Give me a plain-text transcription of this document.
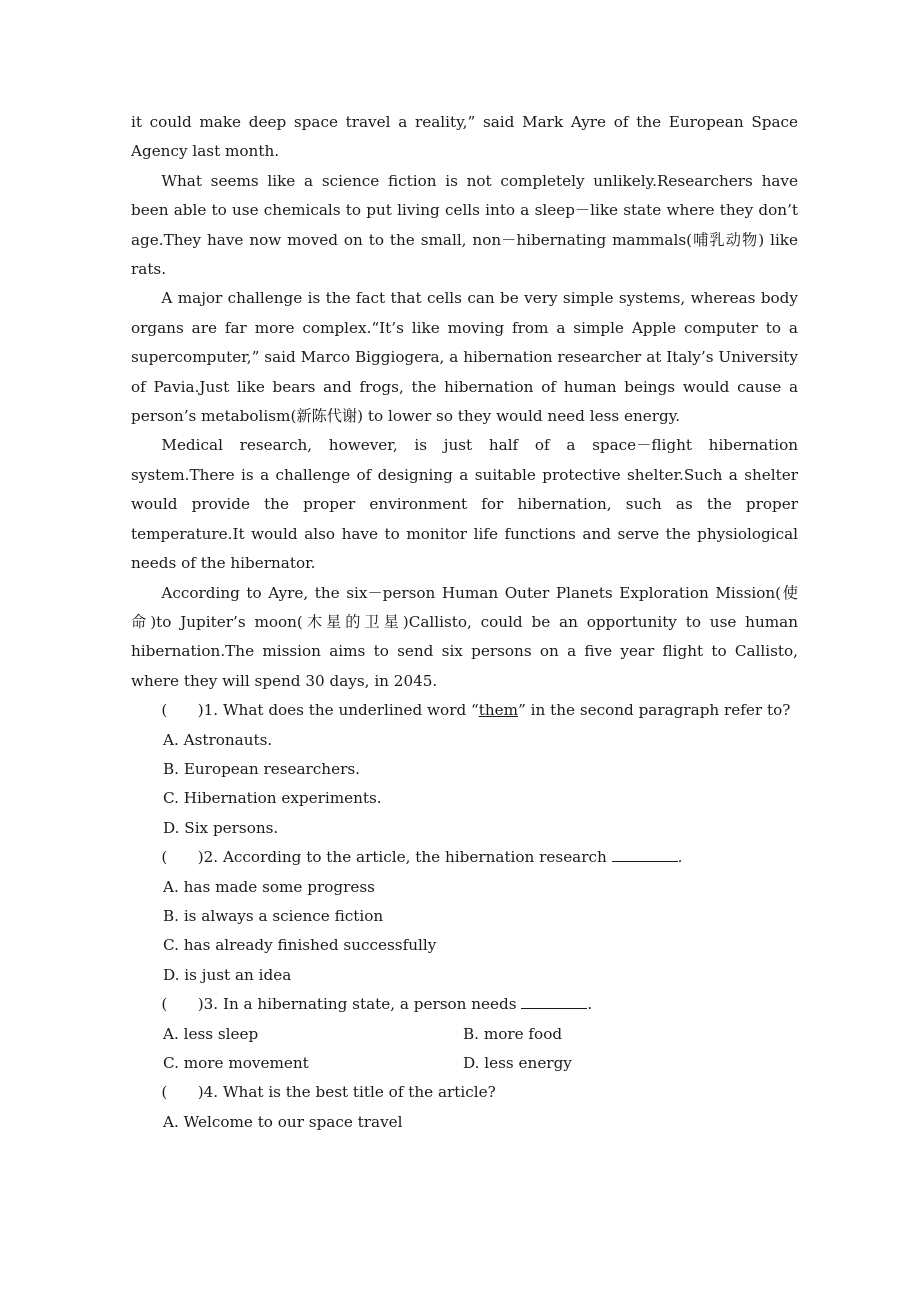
it could make deep space travel a reality,” said Mark Ayre of the European Space Agency last month.

What seems like a science fiction is not completely unlikely.Researchers have been able to use chemicals to put living cells into a sleep－like state where they don’t age.They have now moved on to the small, non－hibernating mammals(哺乳动物) like rats.

A major challenge is the fact that cells can be very simple systems, whereas body organs are far more complex.“It’s like moving from a simple Apple computer to a supercomputer,” said Marco Biggiogera, a hibernation researcher at Italy’s University of Pavia.Just like bears and frogs, the hibernation of human beings would cause a person’s metabolism(新陈代谢) to lower so they would need less energy.

Medical research, however, is just half of a space－flight hibernation system.There is a challenge of designing a suitable protective shelter.Such a shelter would provide the proper environment for hibernation, such as the proper temperature.It would also have to monitor life functions and serve the physiological needs of the hibernator.

According to Ayre, the six－person Human Outer Planets Exploration Mission(使命)to Jupiter’s moon(木星的卫星)Callisto, could be an opportunity to use human hibernation.The mission aims to send six persons on a five year flight to Callisto, where they will spend 30 days, in 2045.

(　　)1. What does the underlined word “them” in the second paragraph refer to?

A. Astronauts.

B. European researchers.

C. Hibernation experiments.

D. Six persons.

(　　)2. According to the article, the hibernation research	.

A. has made some progress

B. is always a science fiction

C. has already finished successfully

D. is just an idea

(　　)3. In a hibernating state, a person needs	.

A. less sleep	B. more food
C. more movement	D. less energy

(　　)4. What is the best title of the article?

A. Welcome to our space travel
